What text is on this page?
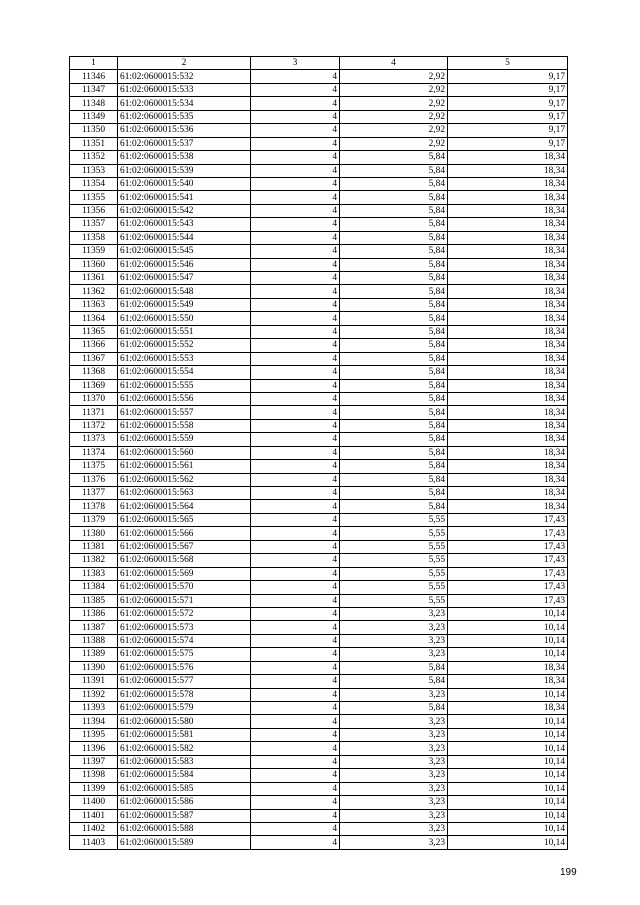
1	2	3	4	5
11346	61:02:0600015:532	4	2,92	9,17
11347	61:02:0600015:533	4	2,92	9,17
11348	61:02:0600015:534	4	2,92	9,17
11349	61:02:0600015:535	4	2,92	9,17
11350	61:02:0600015:536	4	2,92	9,17
11351	61:02:0600015:537	4	2,92	9,17
11352	61:02:0600015:538	4	5,84	18,34
11353	61:02:0600015:539	4	5,84	18,34
11354	61:02:0600015:540	4	5,84	18,34
11355	61:02:0600015:541	4	5,84	18,34
11356	61:02:0600015:542	4	5,84	18,34
11357	61:02:0600015:543	4	5,84	18,34
11358	61:02:0600015:544	4	5,84	18,34
11359	61:02:0600015:545	4	5,84	18,34
11360	61:02:0600015:546	4	5,84	18,34
11361	61:02:0600015:547	4	5,84	18,34
11362	61:02:0600015:548	4	5,84	18,34
11363	61:02:0600015:549	4	5,84	18,34
11364	61:02:0600015:550	4	5,84	18,34
11365	61:02:0600015:551	4	5,84	18,34
11366	61:02:0600015:552	4	5,84	18,34
11367	61:02:0600015:553	4	5,84	18,34
11368	61:02:0600015:554	4	5,84	18,34
11369	61:02:0600015:555	4	5,84	18,34
11370	61:02:0600015:556	4	5,84	18,34
11371	61:02:0600015:557	4	5,84	18,34
11372	61:02:0600015:558	4	5,84	18,34
11373	61:02:0600015:559	4	5,84	18,34
11374	61:02:0600015:560	4	5,84	18,34
11375	61:02:0600015:561	4	5,84	18,34
11376	61:02:0600015:562	4	5,84	18,34
11377	61:02:0600015:563	4	5,84	18,34
11378	61:02:0600015:564	4	5,84	18,34
11379	61:02:0600015:565	4	5,55	17,43
11380	61:02:0600015:566	4	5,55	17,43
11381	61:02:0600015:567	4	5,55	17,43
11382	61:02:0600015:568	4	5,55	17,43
11383	61:02:0600015:569	4	5,55	17,43
11384	61:02:0600015:570	4	5,55	17,43
11385	61:02:0600015:571	4	5,55	17,43
11386	61:02:0600015:572	4	3,23	10,14
11387	61:02:0600015:573	4	3,23	10,14
11388	61:02:0600015:574	4	3,23	10,14
11389	61:02:0600015:575	4	3,23	10,14
11390	61:02:0600015:576	4	5,84	18,34
11391	61:02:0600015:577	4	5,84	18,34
11392	61:02:0600015:578	4	3,23	10,14
11393	61:02:0600015:579	4	5,84	18,34
11394	61:02:0600015:580	4	3,23	10,14
11395	61:02:0600015:581	4	3,23	10,14
11396	61:02:0600015:582	4	3,23	10,14
11397	61:02:0600015:583	4	3,23	10,14
11398	61:02:0600015:584	4	3,23	10,14
11399	61:02:0600015:585	4	3,23	10,14
11400	61:02:0600015:586	4	3,23	10,14
11401	61:02:0600015:587	4	3,23	10,14
11402	61:02:0600015:588	4	3,23	10,14
11403	61:02:0600015:589	4	3,23	10,14
199
